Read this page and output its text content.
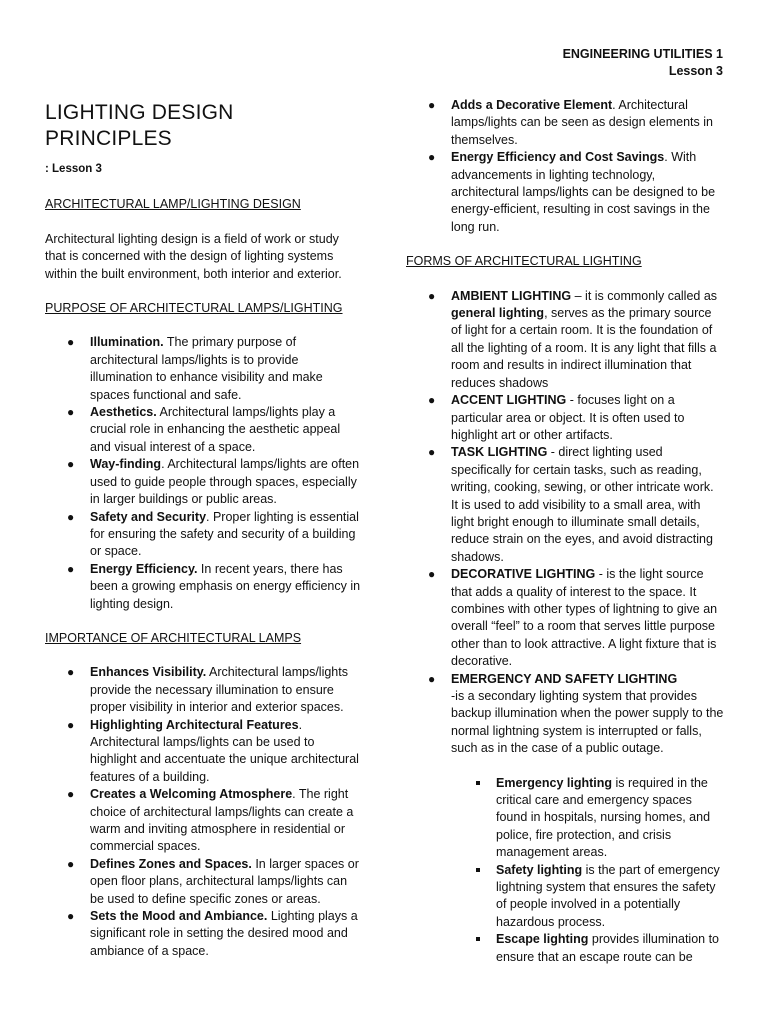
ENGINEERING UTILITIES 1
Lesson 3
LIGHTING DESIGN PRINCIPLES
: Lesson 3
ARCHITECTURAL LAMP/LIGHTING DESIGN

Architectural lighting design is a field of work or study that is concerned with the design of lighting systems within the built environment, both interior and exterior.

PURPOSE OF ARCHITECTURAL LAMPS/LIGHTING
● Illumination. The primary purpose of architectural lamps/lights is to provide illumination to enhance visibility and make spaces functional and safe.
● Aesthetics. Architectural lamps/lights play a crucial role in enhancing the aesthetic appeal and visual interest of a space.
● Way-finding. Architectural lamps/lights are often used to guide people through spaces, especially in larger buildings or public areas.
● Safety and Security. Proper lighting is essential for ensuring the safety and security of a building or space.
● Energy Efficiency. In recent years, there has been a growing emphasis on energy efficiency in lighting design.
IMPORTANCE OF ARCHITECTURAL LAMPS
● Enhances Visibility. Architectural lamps/lights provide the necessary illumination to ensure proper visibility in interior and exterior spaces.
● Highlighting Architectural Features. Architectural lamps/lights can be used to highlight and accentuate the unique architectural features of a building.
● Creates a Welcoming Atmosphere. The right choice of architectural lamps/lights can create a warm and inviting atmosphere in residential or commercial spaces.
● Defines Zones and Spaces. In larger spaces or open floor plans, architectural lamps/lights can be used to define specific zones or areas.
● Sets the Mood and Ambiance. Lighting plays a significant role in setting the desired mood and ambiance of a space.
● Adds a Decorative Element. Architectural lamps/lights can be seen as design elements in themselves.
● Energy Efficiency and Cost Savings. With advancements in lighting technology, architectural lamps/lights can be designed to be energy-efficient, resulting in cost savings in the long run.
FORMS OF ARCHITECTURAL LIGHTING
● AMBIENT LIGHTING – it is commonly called as general lighting, serves as the primary source of light for a certain room. It is the foundation of all the lighting of a room. It is any light that fills a room and results in indirect illumination that reduces shadows
● ACCENT LIGHTING - focuses light on a particular area or object. It is often used to highlight art or other artifacts.
● TASK LIGHTING - direct lighting used specifically for certain tasks, such as reading, writing, cooking, sewing, or other intricate work. It is used to add visibility to a small area, with light bright enough to illuminate small details, reduce strain on the eyes, and avoid distracting shadows.
● DECORATIVE LIGHTING - is the light source that adds a quality of interest to the space. It combines with other types of lightning to give an overall “feel” to a room that serves little purpose other than to look attractive. A light fixture that is decorative.
● EMERGENCY AND SAFETY LIGHTING
-is a secondary lighting system that provides backup illumination when the power supply to the normal lightning system is interrupted or falls, such as in the case of a public outage.
Emergency lighting is required in the critical care and emergency spaces found in hospitals, nursing homes, and police, fire protection, and crisis management areas.
Safety lighting is the part of emergency lightning system that ensures the safety of people involved in a potentially hazardous process.
Escape lighting provides illumination to ensure that an escape route can be
